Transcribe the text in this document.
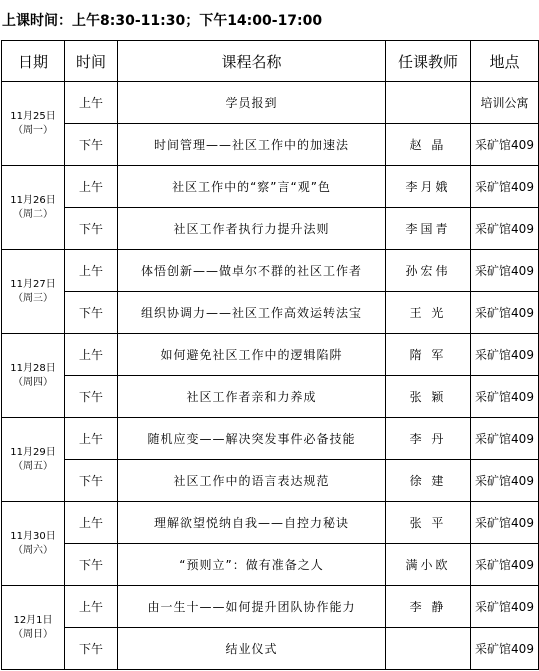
上课时间：上午8:30-11:30；下午14:00-17:00
日期	时间	课程名称	任课教师	地点

11月25日
（周一）	上午	学员报到		培训公寓
	下午	时间管理——社区工作中的加速法	赵 晶	采矿馆409

11月26日
（周二）	上午	社区工作中的“察”言“观”色	李月娥	采矿馆409
	下午	社区工作者执行力提升法则	李国青	采矿馆409

11月27日
（周三）	上午	体悟创新——做卓尔不群的社区工作者	孙宏伟	采矿馆409
	下午	组织协调力——社区工作高效运转法宝	王 光	采矿馆409

11月28日
（周四）	上午	如何避免社区工作中的逻辑陷阱	隋 军	采矿馆409
	下午	社区工作者亲和力养成	张 颖	采矿馆409

11月29日
（周五）	上午	随机应变——解决突发事件必备技能	李 丹	采矿馆409
	下午	社区工作中的语言表达规范	徐 建	采矿馆409

11月30日
（周六）	上午	理解欲望悦纳自我——自控力秘诀	张 平	采矿馆409
	下午	“预则立”：做有准备之人	满小欧	采矿馆409

12月1日
（周日）	上午	由一生十——如何提升团队协作能力	李 静	采矿馆409
	下午	结业仪式		采矿馆409
